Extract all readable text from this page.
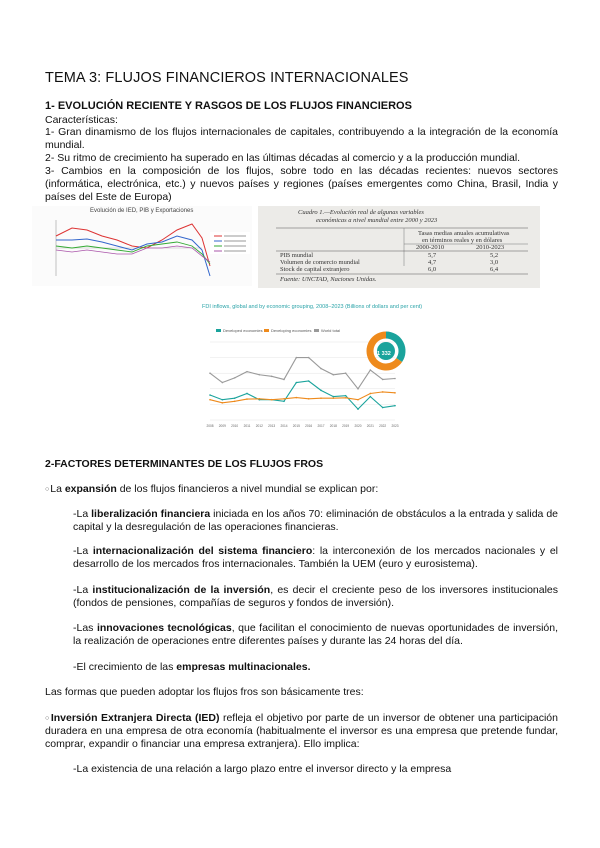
TEMA 3: FLUJOS FINANCIEROS INTERNACIONALES
1- EVOLUCIÓN RECIENTE Y RASGOS DE LOS FLUJOS FINANCIEROS
Características:
1- Gran dinamismo de los flujos internacionales de capitales, contribuyendo a la integración de la economía mundial.
2- Su ritmo de crecimiento ha superado en las últimas décadas al comercio y a la producción mundial.
3- Cambios en la composición de los flujos, sobre todo en las décadas recientes: nuevos sectores (informática, electrónica, etc.) y nuevos países y regiones (países emergentes como China, Brasil, India y países del Este de Europa)
Evolución de IED, PIB y Exportaciones	Cuadro 1.—Evolución real de algunas variables
económicas a nivel mundial entre 2000 y 2023
Tasas medias anuales acumulativas
en términos reales y en dólares
2000-2010	2010-2023
PIB mundial	5,7	5,2
Volumen de comercio mundial	4,7	3,0
Stock de capital extranjero	6,0	6,4
Fuente: UNCTAD, Naciones Unidas.
FDI inflows, global and by economic grouping, 2008–2023 (Billions of dollars and per cent)
Developed economies	Developing economies	World total
2008 2009 2010 2011 2012 2013 2014 2015 2016 2017 2018 2019 2020 2021 2022 2023
$1 332
2-FACTORES DETERMINANTES DE LOS FLUJOS FROS
○La expansión de los flujos financieros a nivel mundial se explican por:
-La liberalización financiera iniciada en los años 70: eliminación de obstáculos a la entrada y salida de capital y la desregulación de las operaciones financieras.
-La internacionalización del sistema financiero: la interconexión de los mercados nacionales y el desarrollo de los mercados fros internacionales. También la UEM (euro y eurosistema).
-La institucionalización de la inversión, es decir el creciente peso de los inversores institucionales (fondos de pensiones, compañías de seguros y fondos de inversión).
-Las innovaciones tecnológicas, que facilitan el conocimiento de nuevas oportunidades de inversión, la realización de operaciones entre diferentes países y durante las 24 horas del día.
-El crecimiento de las empresas multinacionales.
Las formas que pueden adoptar los flujos fros son básicamente tres:
○Inversión Extranjera Directa (IED) refleja el objetivo por parte de un inversor de obtener una participación duradera en una empresa de otra economía (habitualmente el inversor es una empresa que pretende fundar, comprar, expandir o financiar una empresa extranjera). Ello implica:
-La existencia de una relación a largo plazo entre el inversor directo y la empresa
